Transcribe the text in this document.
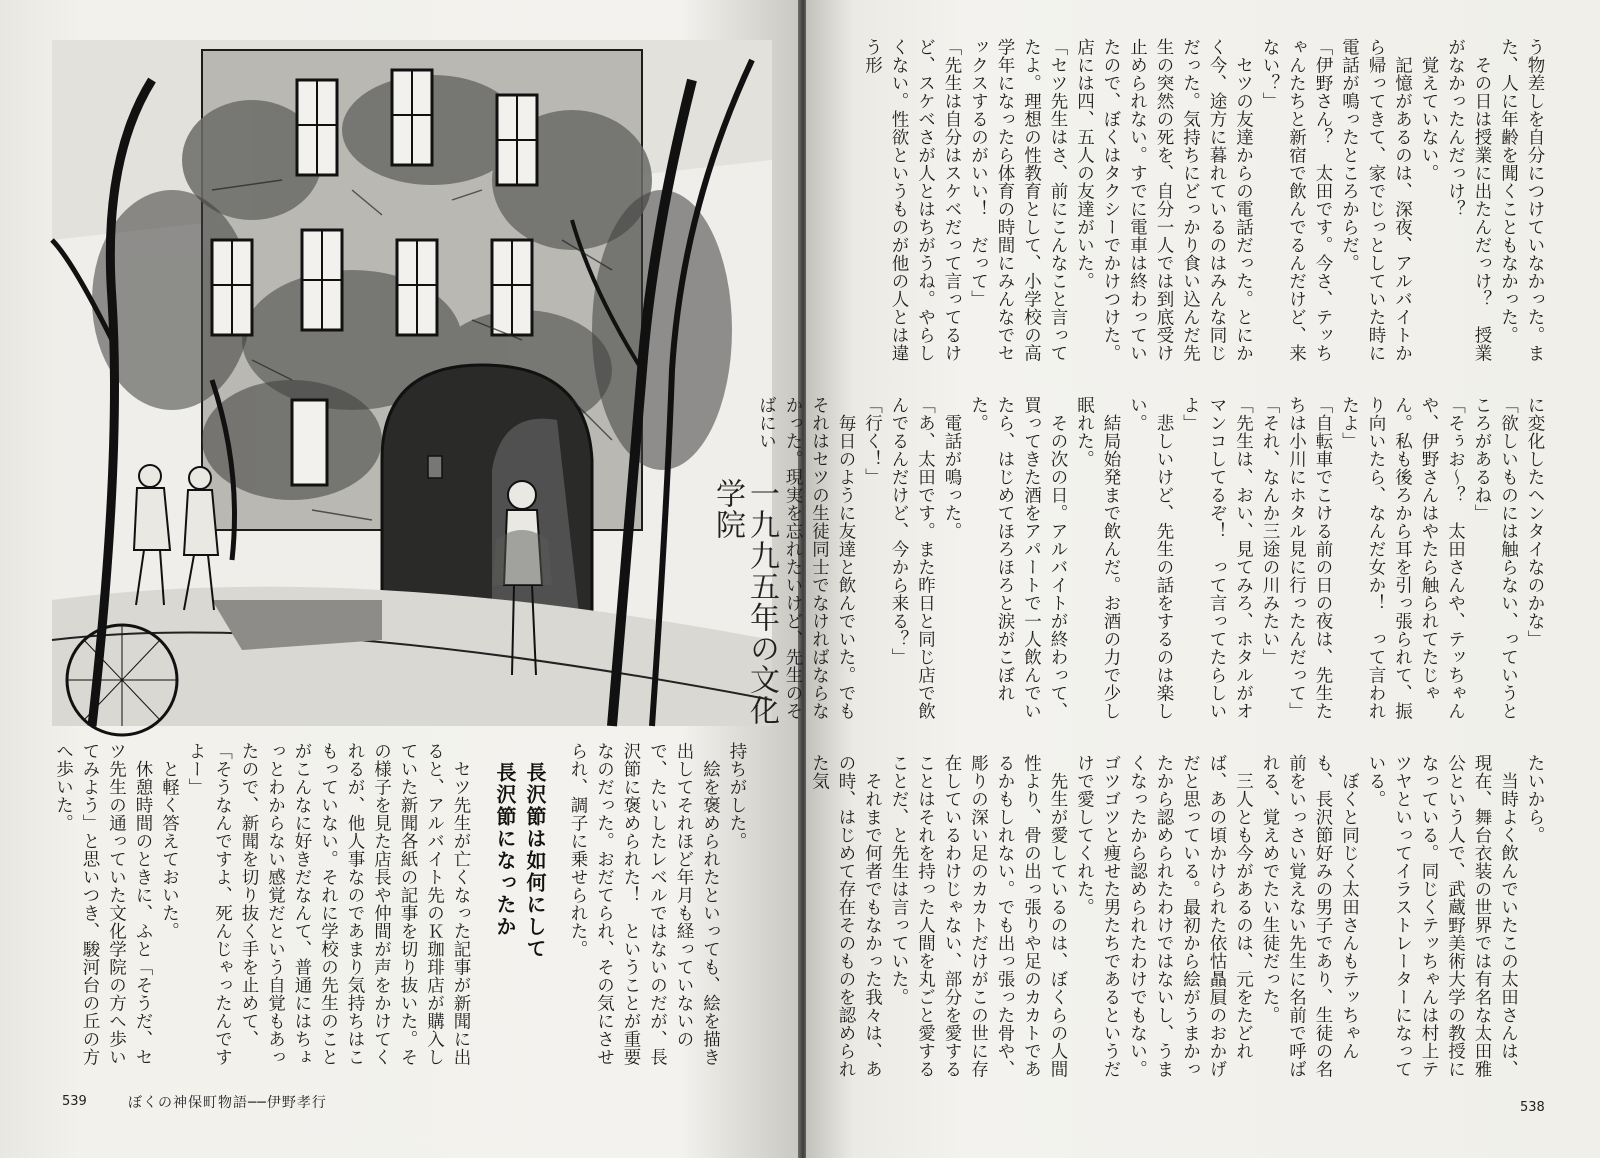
一九九五年の文化学院
長沢節は如何にして
長沢節になったか	持ちがした。

絵を褒められたといっても、絵を描き出してそれほど年月も経っていないので、たいしたレベルではないのだが、長沢節に褒められた！　ということが重要なのだった。おだてられ、その気にさせられ、調子に乗せられた。

セツ先生が亡くなった記事が新聞に出ると、アルバイト先のＫ珈琲店が購入していた新聞各紙の記事を切り抜いた。その様子を見た店長や仲間が声をかけてくれるが、他人事なのであまり気持ちはこもっていない。それに学校の先生のことがこんなに好きだなんて、普通にはちょっとわからない感覚だという自覚もあったので、新聞を切り抜く手を止めて、

「そうなんですよ、死んじゃったんですよー」

と軽く答えておいた。

休憩時間のときに、ふと「そうだ、セツ先生の通っていた文化学院の方へ歩いてみよう」と思いつき、駿河台の丘の方へ歩いた。

539	ぼくの神保町物語──伊野孝行

う物差しを自分につけていなかった。また、人に年齢を聞くこともなかった。

その日は授業に出たんだっけ？　授業がなかったんだっけ？

覚えていない。

記憶があるのは、深夜、アルバイトから帰ってきて、家でじっとしていた時に電話が鳴ったところからだ。

「伊野さん？　太田です。今さ、テッちゃんたちと新宿で飲んでるんだけど、来ない？」

セツの友達からの電話だった。とにかく今、途方に暮れているのはみんな同じだった。気持ちにどっかり食い込んだ先生の突然の死を、自分一人では到底受け止められない。すでに電車は終わっていたので、ぼくはタクシーでかけつけた。店には四、五人の友達がいた。

「セツ先生はさ、前にこんなこと言ってたよ。理想の性教育として、小学校の高学年になったら体育の時間にみんなでセックスするのがいい！　だって」

「先生は自分はスケベだって言ってるけど、スケベさが人とはちがうね。やらしくない。性欲というものが他の人とは違う形

に変化したヘンタイなのかな」

「欲しいものには触らない、っていうところがあるね」

「そぅお～？　太田さんや、テッちゃんや、伊野さんはやたら触られてたじゃん。私も後ろから耳を引っ張られて、振り向いたら、なんだ女か！　って言われたよ」

「自転車でこける前の日の夜は、先生たちは小川にホタル見に行ったんだって」

「それ、なんか三途の川みたい」

「先生は、おい、見てみろ、ホタルがオマンコしてるぞ！　って言ってたらしいよ」

悲しいけど、先生の話をするのは楽しい。

結局始発まで飲んだ。お酒の力で少し眠れた。

その次の日。アルバイトが終わって、買ってきた酒をアパートで一人飲んでいたら、はじめてほろほろと涙がこぼれた。

電話が鳴った。

「あ、太田です。また昨日と同じ店で飲んでるんだけど、今から来る？」

「行く！」

毎日のように友達と飲んでいた。でもそれはセツの生徒同士でなければならなかった。現実を忘れたいけど、先生のそばにい

たいから。

当時よく飲んでいたこの太田さんは、現在、舞台衣装の世界では有名な太田雅公という人で、武蔵野美術大学の教授になっている。同じくテッちゃんは村上テツヤといってイラストレーターになっている。

ぼくと同じく太田さんもテッちゃんも、長沢節好みの男子であり、生徒の名前をいっさい覚えない先生に名前で呼ばれる、覚えめでたい生徒だった。

三人とも今があるのは、元をたどれば、あの頃かけられた依怙贔屓のおかげだと思っている。最初から絵がうまかったから認められたわけではないし、うまくなったから認められたわけでもない。ゴツゴツと痩せた男たちであるというだけで愛してくれた。

先生が愛しているのは、ぼくらの人間性より、骨の出っ張りや足のカカトであるかもしれない。でも出っ張った骨や、彫りの深い足のカカトだけがこの世に存在しているわけじゃない、部分を愛することはそれを持った人間を丸ごと愛することだ、と先生は言っていた。

それまで何者でもなかった我々は、あの時、はじめて存在そのものを認められた気

538
